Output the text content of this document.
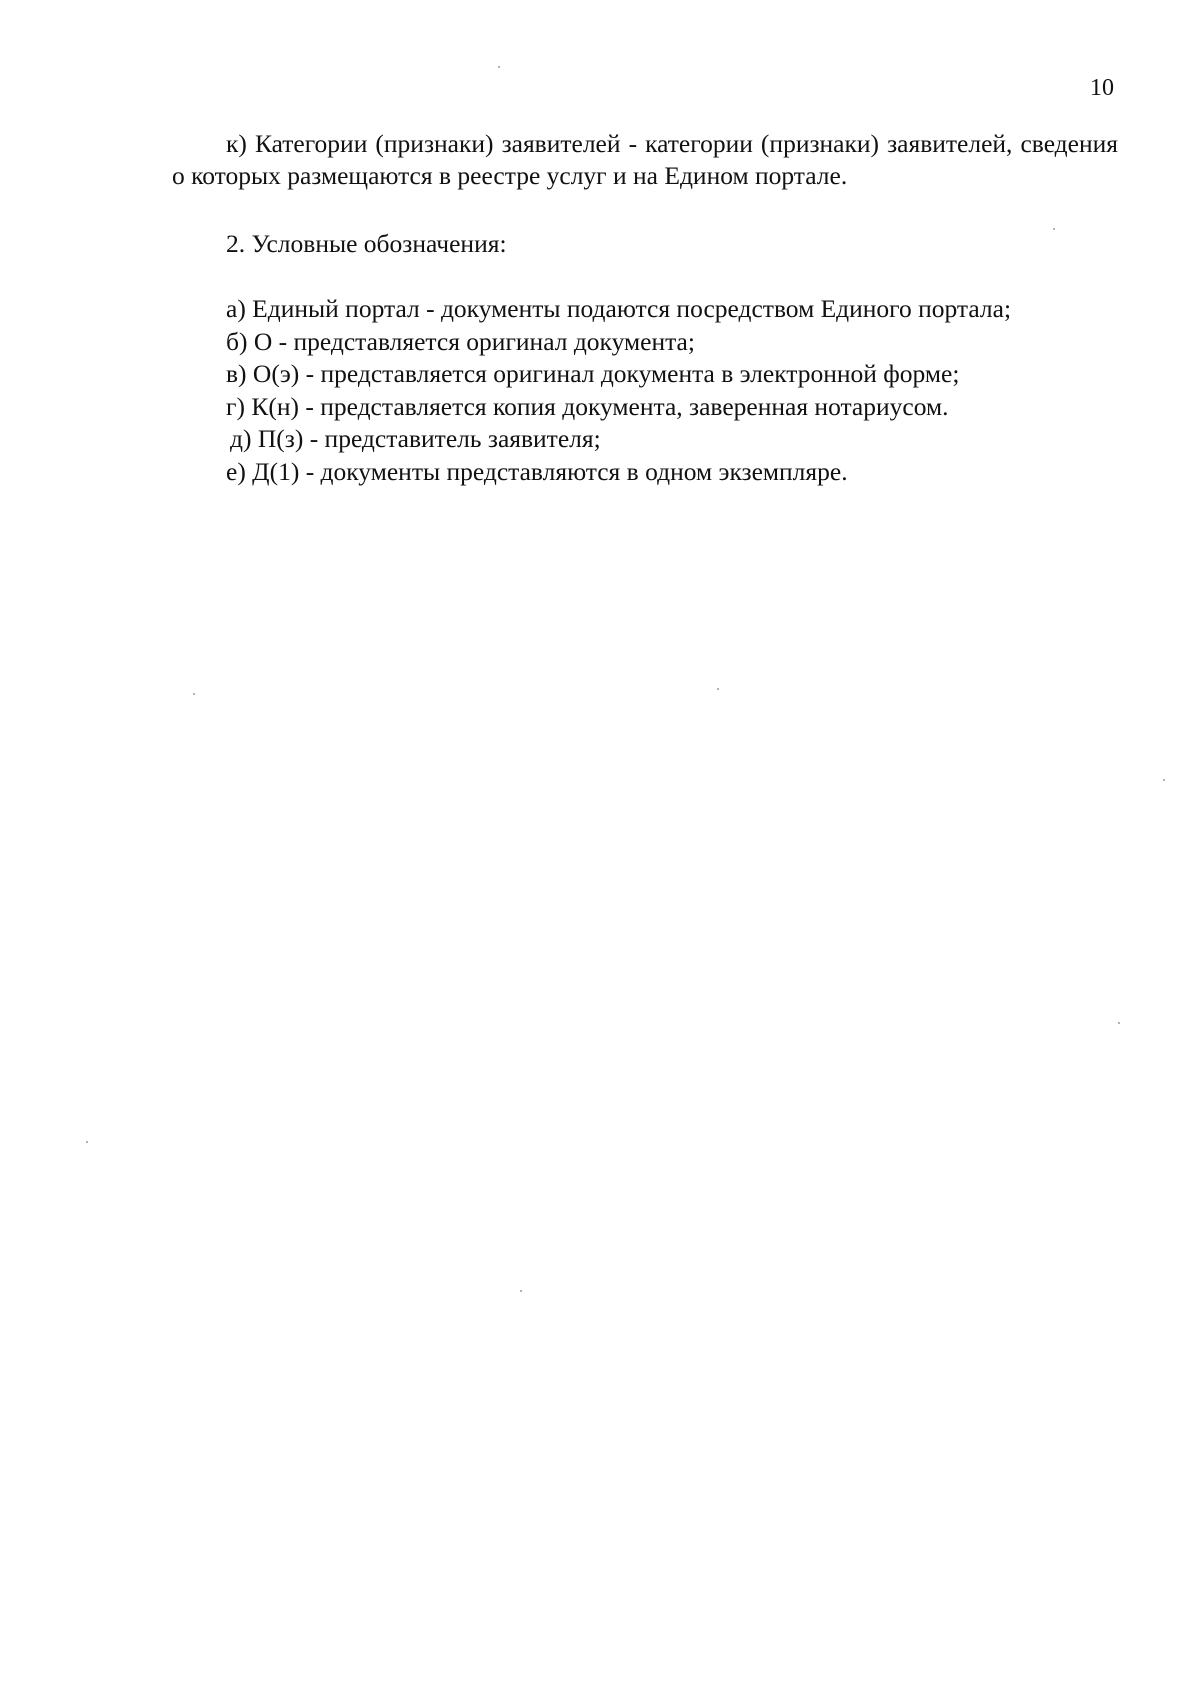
10

к) Категории (признаки) заявителей - категории (признаки) заявителей, сведения о которых размещаются в реестре услуг и на Едином портале.

2. Условные обозначения:

а) Единый портал - документы подаются посредством Единого портала;
б) О - представляется оригинал документа;
в) О(э) - представляется оригинал документа в электронной форме;
г) К(н) - представляется копия документа, заверенная нотариусом.
д) П(з) - представитель заявителя;
е) Д(1) - документы представляются в одном экземпляре.
